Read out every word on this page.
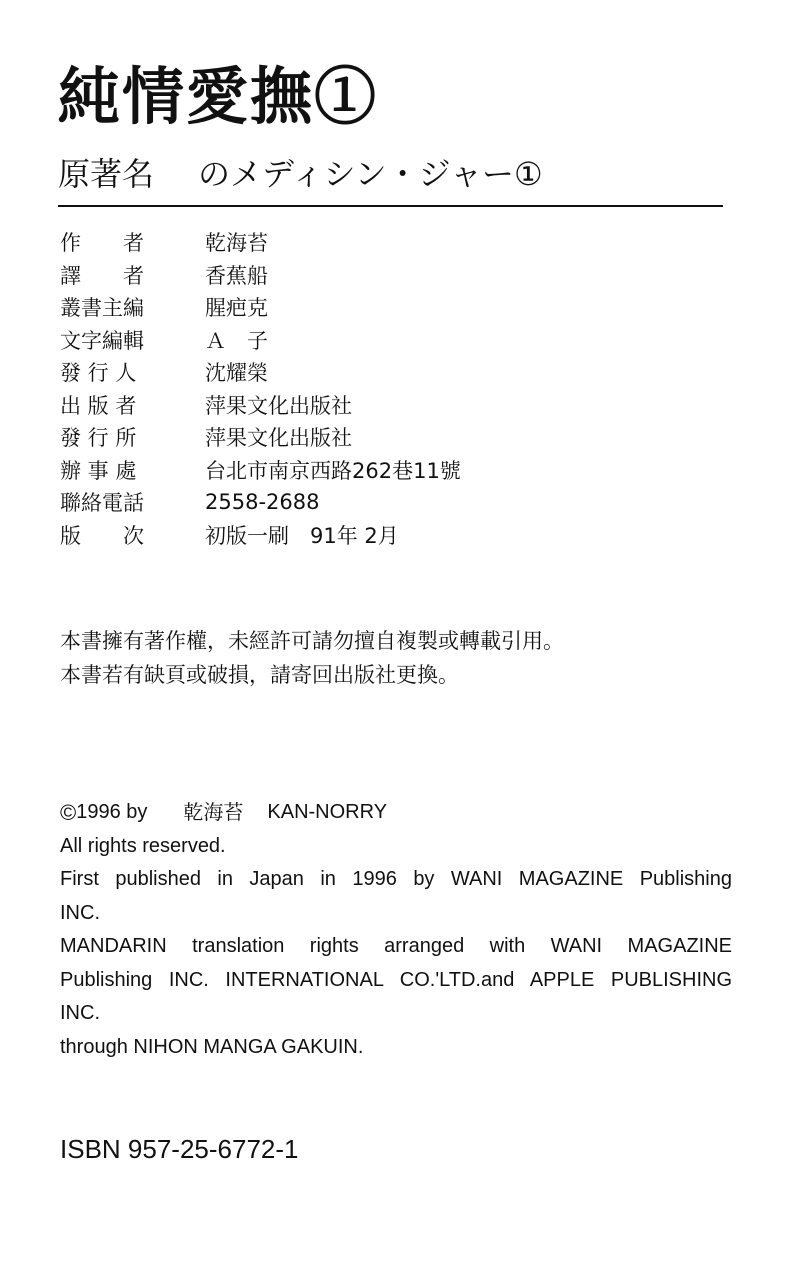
純情愛撫①
原著名 のメディシン・ジャー①
作　　者	乾海苔
譯　　者	香蕉船
叢書主編	腥疤克
文字編輯	Ａ　子
發 行 人	沈耀榮
出 版 者	萍果文化出版社
發 行 所	萍果文化出版社
辦 事 處	台北市南京西路262巷11號
聯絡電話	2558-2688
版　　次	初版一刷　91年 2月
本書擁有著作權，未經許可請勿擅自複製或轉載引用。
本書若有缺頁或破損，請寄回出版社更換。

© 1996 by 乾海苔 KAN-NORRY

All rights reserved.

First published in Japan in 1996 by WANI MAGAZINE Publishing

INC.

MANDARIN translation rights arranged with WANI MAGAZINE

Publishing INC. INTERNATIONAL CO.'LTD.and APPLE PUBLISHING

INC.

through NIHON MANGA GAKUIN.

ISBN 957-25-6772-1
